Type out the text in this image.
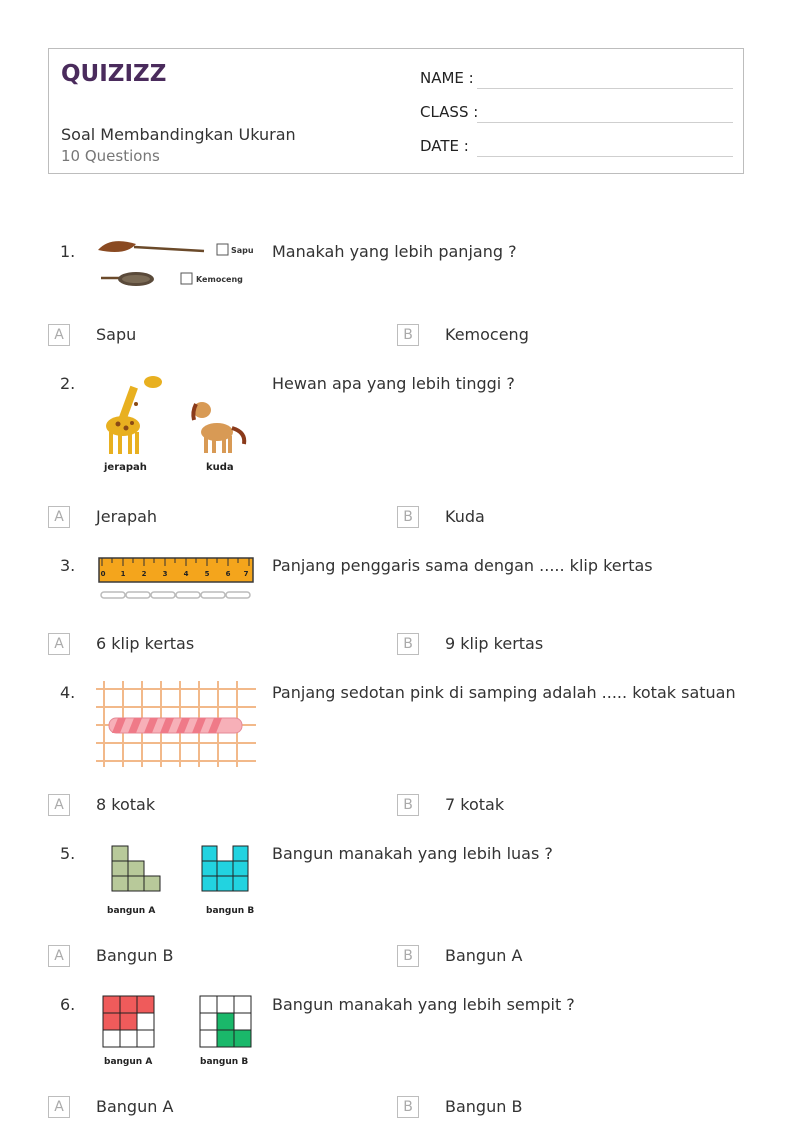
QUIZIZZ
Soal Membandingkan Ukuran
10 Questions
NAME :
CLASS :
DATE :
1.	Sapu
Kemoceng
Manakah yang lebih panjang ?
A	Sapu	B	Kemoceng
2.
jerapah	kuda
Hewan apa yang lebih tinggi ?
A	Jerapah	B	Kuda
3.	0 1 2 3 4 5 6 7 Panjang penggaris sama dengan ..... klip kertas
A	6 klip kertas	B	9 klip kertas
4.	Panjang sedotan pink di samping adalah ..... kotak satuan
A	8 kotak	B	7 kotak
5.
bangun A	bangun B
Bangun manakah yang lebih luas ?
A	Bangun B	B	Bangun A
6.
bangun A	bangun B
Bangun manakah yang lebih sempit ?
A	Bangun A	B	Bangun B
